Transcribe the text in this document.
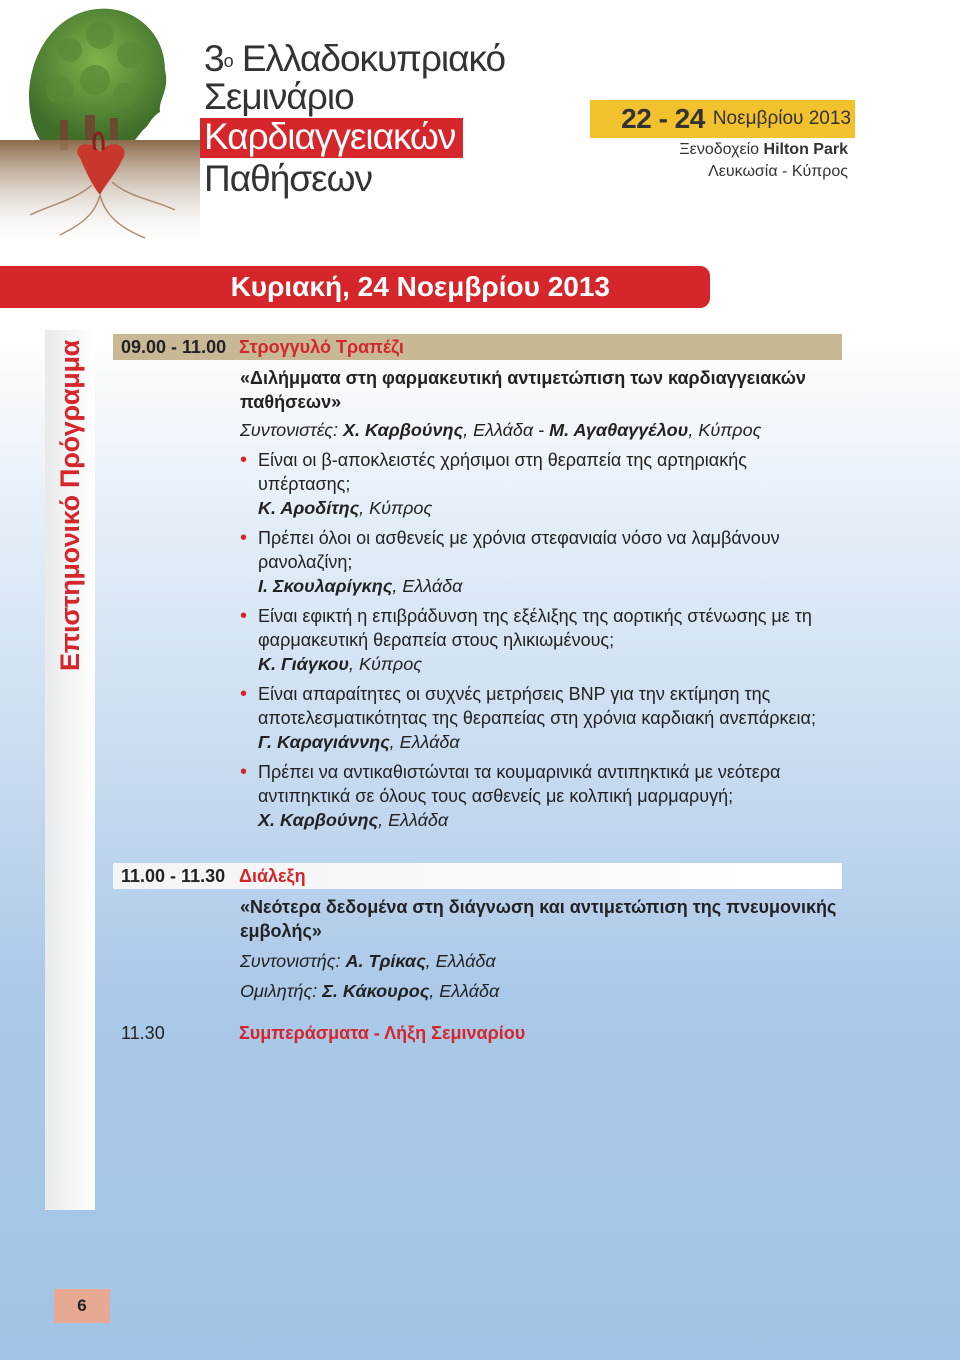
$3^o$ Ελλαδοκυπριακό
Σεμινάριο
Καρδιαγγειακών
Παθήσεων
22 - 24 Νοεμβρίου 2013
Ξενοδοχείο Hilton Park
Λευκωσία - Κύπρος
Κυριακή, 24 Νοεμβρίου 2013
Επιστημονικό Πρόγραμμα 09.00 - 11.00 Στρογγυλό Τραπέζι
«Διλήμματα στη φαρμακευτική αντιμετώπιση των καρδιαγγειακών παθήσεων»
Συντονιστές: Χ. Καρβούνης, Ελλάδα - Μ. Αγαθαγγέλου, Κύπρος
• Είναι οι β-αποκλειστές χρήσιμοι στη θεραπεία της αρτηριακής υπέρτασης;
Κ. Αροδίτης, Κύπρος
• Πρέπει όλοι οι ασθενείς με χρόνια στεφανιαία νόσο να λαμβάνουν ρανολαζίνη;
Ι. Σκουλαρίγκης, Ελλάδα
• Είναι εφικτή η επιβράδυνση της εξέλιξης της αορτικής στένωσης με τη φαρμακευτική θεραπεία στους ηλικιωμένους;
Κ. Γιάγκου, Κύπρος
• Είναι απαραίτητες οι συχνές μετρήσεις BNP για την εκτίμηση της αποτελεσματικότητας της θεραπείας στη χρόνια καρδιακή ανεπάρκεια;
Γ. Καραγιάννης, Ελλάδα
• Πρέπει να αντικαθιστώνται τα κουμαρινικά αντιπηκτικά με νεότερα αντιπηκτικά σε όλους τους ασθενείς με κολπική μαρμαρυγή;
Χ. Καρβούνης, Ελλάδα
11.00 - 11.30 Διάλεξη
«Νεότερα δεδομένα στη διάγνωση και αντιμετώπιση της πνευμονικής εμβολής»
Συντονιστής: Α. Τρίκας, Ελλάδα
Ομιλητής: Σ. Κάκουρος, Ελλάδα
11.30	Συμπεράσματα - Λήξη Σεμιναρίου
6
